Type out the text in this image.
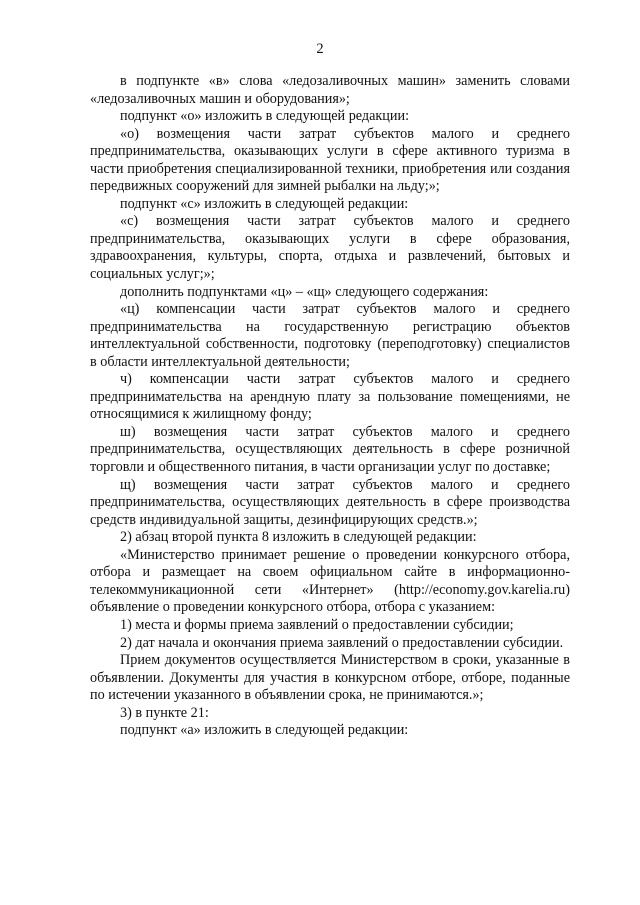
2

в подпункте «в» слова «ледозаливочных машин» заменить словами «ледозаливочных машин и оборудования»;

подпункт «о» изложить в следующей редакции:

«о) возмещения части затрат субъектов малого и среднего предпринимательства, оказывающих услуги в сфере активного туризма в части приобретения специализированной техники, приобретения или создания передвижных сооружений для зимней рыбалки на льду;»;

подпункт «с» изложить в следующей редакции:

«с) возмещения части затрат субъектов малого и среднего предпринимательства, оказывающих услуги в сфере образования, здравоохранения, культуры, спорта, отдыха и развлечений, бытовых и социальных услуг;»;

дополнить подпунктами «ц» – «щ» следующего содержания:

«ц) компенсации части затрат субъектов малого и среднего предпринимательства на государственную регистрацию объектов интеллектуальной собственности, подготовку (переподготовку) специалистов в области интеллектуальной деятельности;

ч) компенсации части затрат субъектов малого и среднего предпринимательства на арендную плату за пользование помещениями, не относящимися к жилищному фонду;

ш) возмещения части затрат субъектов малого и среднего предпринимательства, осуществляющих деятельность в сфере розничной торговли и общественного питания, в части организации услуг по доставке;

щ) возмещения части затрат субъектов малого и среднего предпринимательства, осуществляющих деятельность в сфере производства средств индивидуальной защиты, дезинфицирующих средств.»;

2) абзац второй пункта 8 изложить в следующей редакции:

«Министерство принимает решение о проведении конкурсного отбора, отбора и размещает на своем официальном сайте в информационно-телекоммуникационной сети «Интернет» (http://economy.gov.karelia.ru) объявление о проведении конкурсного отбора, отбора с указанием:

1) места и формы приема заявлений о предоставлении субсидии;

2) дат начала и окончания приема заявлений о предоставлении субсидии.

Прием документов осуществляется Министерством в сроки, указанные в объявлении. Документы для участия в конкурсном отборе, отборе, поданные по истечении указанного в объявлении срока, не принимаются.»;

3) в пункте 21:

подпункт «а» изложить в следующей редакции:
